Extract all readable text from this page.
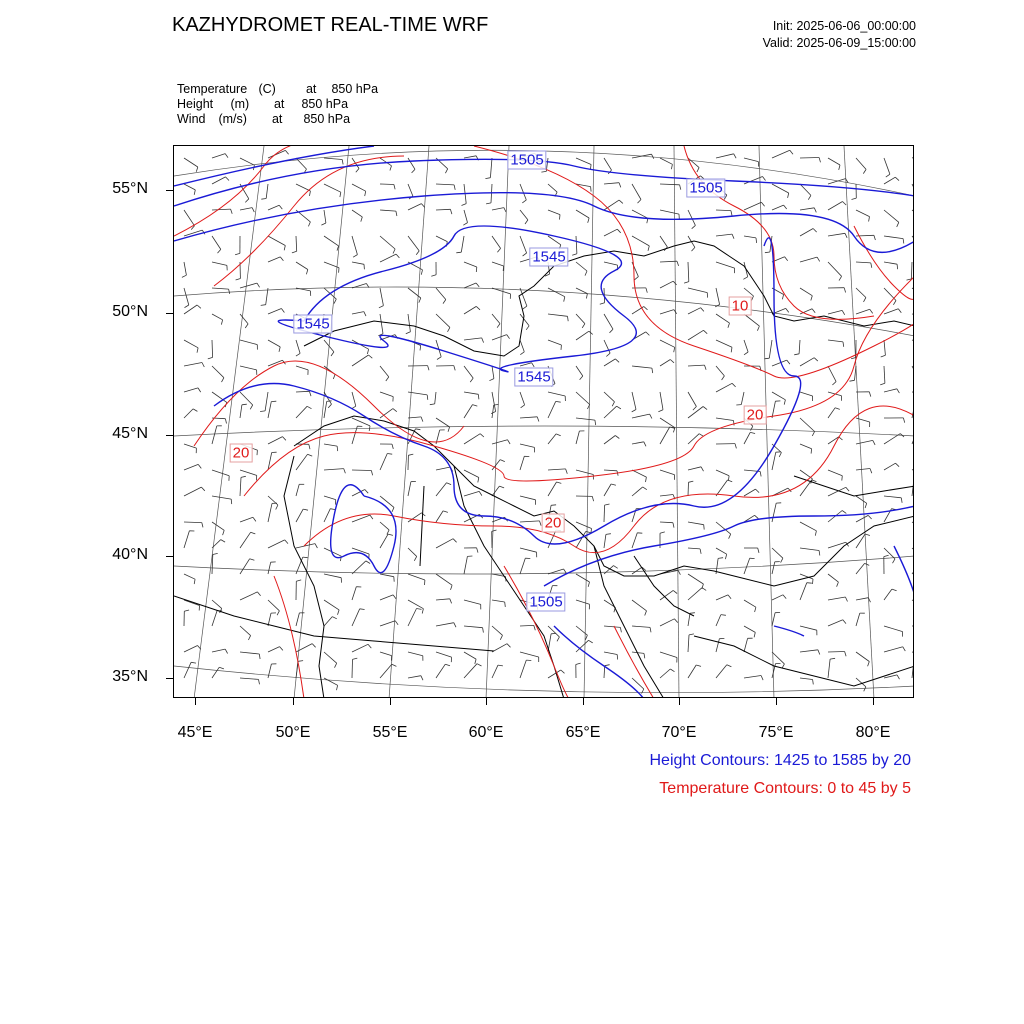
KAZHYDROMET REAL-TIME WRF	Init: 2025-06-06_00:00:00
Valid: 2025-06-09_15:00:00
Temperature (C) at 850 hPa
Height (m) at 850 hPa
Wind (m/s) at 850 hPa
1505
1505
1545
1545
1545
1505
10
20
20
20
55°N
50°N
45°N
40°N
35°N
45°E	50°E	55°E	60°E	65°E	70°E	75°E	80°E
Height Contours: 1425 to 1585 by 20
Temperature Contours: 0 to 45 by 5
